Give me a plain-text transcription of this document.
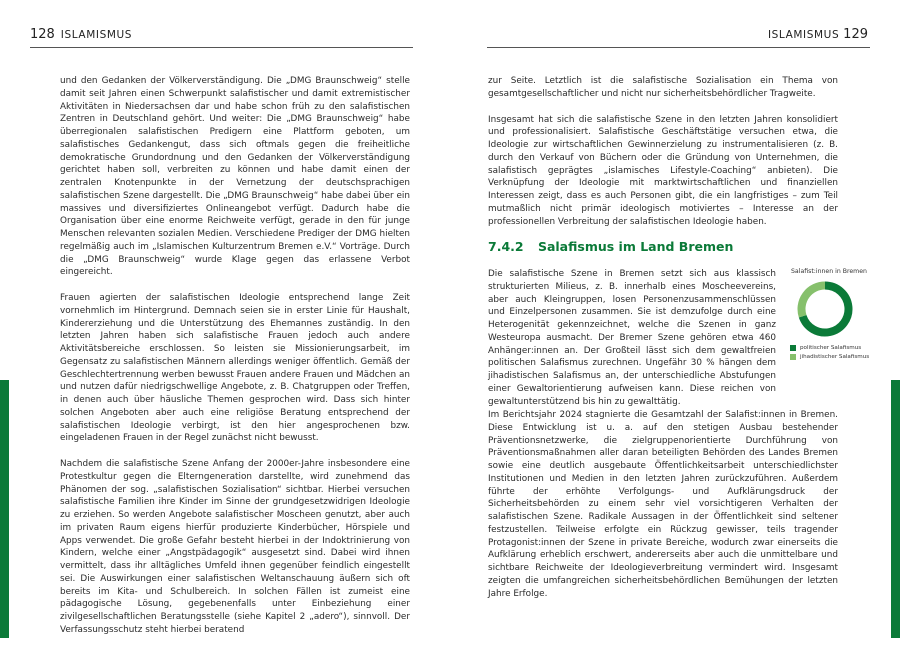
128 ISLAMISMUS	ISLAMISMUS 129

und den Gedanken der Völkerverständigung. Die „DMG Braunschweig“ stelle damit seit Jahren einen Schwerpunkt salafistischer und damit extremistischer Aktivitäten in Niedersachsen dar und habe schon früh zu den salafistischen Zentren in Deutschland gehört. Und weiter: Die „DMG Braunschweig“ habe überregionalen salafistischen Predigern eine Plattform geboten, um salafistisches Gedankengut, dass sich oftmals gegen die freiheitliche demokratische Grundordnung und den Gedanken der Völkerverständigung gerichtet haben soll, verbreiten zu können und habe damit einen der zentralen Knotenpunkte in der Vernetzung der deutschsprachigen salafistischen Szene dargestellt. Die „DMG Braunschweig“ habe dabei über ein massives und diversifiziertes Onlineangebot verfügt. Dadurch habe die Organisation über eine enorme Reichweite verfügt, gerade in den für junge Menschen relevanten sozialen Medien. Verschiedene Prediger der DMG hielten regelmäßig auch im „Islamischen Kulturzentrum Bremen e.V.“ Vorträge. Durch die „DMG Braunschweig“ wurde Klage gegen das erlassene Verbot eingereicht.

Frauen agierten der salafistischen Ideologie entsprechend lange Zeit vornehmlich im Hintergrund. Demnach seien sie in erster Linie für Haushalt, Kindererziehung und die Unterstützung des Ehemannes zuständig. In den letzten Jahren haben sich salafistische Frauen jedoch auch andere Aktivitätsbereiche erschlossen. So leisten sie Missionierungsarbeit, im Gegensatz zu salafistischen Männern allerdings weniger öffentlich. Gemäß der Geschlechtertrennung werben bewusst Frauen andere Frauen und Mädchen an und nutzen dafür niedrigschwellige Angebote, z. B. Chatgruppen oder Treffen, in denen auch über häusliche Themen gesprochen wird. Dass sich hinter solchen Angeboten aber auch eine religiöse Beratung entsprechend der salafistischen Ideologie verbirgt, ist den hier angesprochenen bzw. eingeladenen Frauen in der Regel zunächst nicht bewusst.

Nachdem die salafistische Szene Anfang der 2000er-Jahre insbesondere eine Protestkultur gegen die Elterngeneration darstellte, wird zunehmend das Phänomen der sog. „salafistischen Sozialisation“ sichtbar. Hierbei versuchen salafistische Familien ihre Kinder im Sinne der grundgesetzwidrigen Ideologie zu erziehen. So werden Angebote salafistischer Moscheen genutzt, aber auch im privaten Raum eigens hierfür produzierte Kinderbücher, Hörspiele und Apps verwendet. Die große Gefahr besteht hierbei in der Indoktrinierung von Kindern, welche einer „Angstpädagogik“ ausgesetzt sind. Dabei wird ihnen vermittelt, dass ihr alltägliches Umfeld ihnen gegenüber feindlich eingestellt sei. Die Auswirkungen einer salafistischen Weltanschauung äußern sich oft bereits im Kita- und Schulbereich. In solchen Fällen ist zumeist eine pädagogische Lösung, gegebenenfalls unter Einbeziehung einer zivilgesellschaftlichen Beratungsstelle (siehe Kapitel 2 „adero“), sinnvoll. Der Verfassungsschutz steht hierbei beratend

zur Seite. Letztlich ist die salafistische Sozialisation ein Thema von gesamtgesellschaftlicher und nicht nur sicherheitsbehördlicher Tragweite.

Insgesamt hat sich die salafistische Szene in den letzten Jahren konsolidiert und professionalisiert. Salafistische Geschäftstätige versuchen etwa, die Ideologie zur wirtschaftlichen Gewinnerzielung zu instrumentalisieren (z. B. durch den Verkauf von Büchern oder die Gründung von Unternehmen, die salafistisch geprägtes „islamisches Lifestyle-Coaching“ anbieten). Die Verknüpfung der Ideologie mit marktwirtschaftlichen und finanziellen Interessen zeigt, dass es auch Personen gibt, die ein langfristiges – zum Teil mutmaßlich nicht primär ideologisch motiviertes – Interesse an der professionellen Verbreitung der salafistischen Ideologie haben.

7.4.2 Salafismus im Land Bremen

Die salafistische Szene in Bremen setzt sich aus klassisch strukturierten Milieus, z. B. innerhalb eines Moscheevereins, aber auch Kleingruppen, losen Personenzusammenschlüssen und Einzelpersonen zusammen. Sie ist demzufolge durch eine Heterogenität gekennzeichnet, welche die Szenen in ganz Westeuropa ausmacht. Der Bremer Szene gehören etwa 460 Anhänger:innen an. Der Großteil lässt sich dem gewaltfreien politischen Salafismus zurechnen. Ungefähr 30 % hängen dem jihadistischen Salafismus an, der unterschiedliche Abstufungen einer Gewaltorientierung aufweisen kann. Diese reichen von gewaltunterstützend bis hin zu gewalttätig.

Salafist:innen in Bremen
politischer Salafismus
jihadistischer Salafismus

Im Berichtsjahr 2024 stagnierte die Gesamtzahl der Salafist:innen in Bremen. Diese Entwicklung ist u. a. auf den stetigen Ausbau bestehender Präventionsnetzwerke, die zielgruppenorientierte Durchführung von Präventionsmaßnahmen aller daran beteiligten Behörden des Landes Bremen sowie eine deutlich ausgebaute Öffentlichkeitsarbeit unterschiedlichster Institutionen und Medien in den letzten Jahren zurückzuführen. Außerdem führte der erhöhte Verfolgungs- und Aufklärungsdruck der Sicherheitsbehörden zu einem sehr viel vorsichtigeren Verhalten der salafistischen Szene. Radikale Aussagen in der Öffentlichkeit sind seltener festzustellen. Teilweise erfolgte ein Rückzug gewisser, teils tragender Protagonist:innen der Szene in private Bereiche, wodurch zwar einerseits die Aufklärung erheblich erschwert, andererseits aber auch die unmittelbare und sichtbare Reichweite der Ideologieverbreitung vermindert wird. Insgesamt zeigten die umfangreichen sicherheitsbehördlichen Bemühungen der letzten Jahre Erfolge.
